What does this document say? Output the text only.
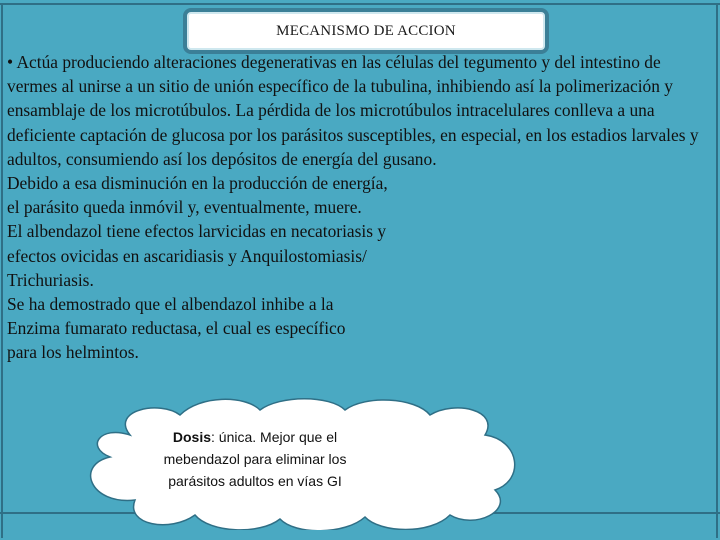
MECANISMO DE ACCION

• Actúa produciendo alteraciones degenerativas en las células del tegumento y del intestino de vermes al unirse a un sitio de unión específico de la tubulina, inhibiendo así la polimerización y ensamblaje de los microtúbulos. La pérdida de los microtúbulos intracelulares conlleva a una deficiente captación de glucosa por los parásitos susceptibles, en especial, en los estadios larvales y adultos, consumiendo así los depósitos de energía del gusano.

Debido a esa disminución en la producción de energía,

el parásito queda inmóvil y, eventualmente, muere.

El albendazol tiene efectos larvicidas en necatoriasis y

efectos ovicidas en ascaridiasis y Anquilostomiasis/

Trichuriasis.

Se ha demostrado que el albendazol inhibe a la

Enzima fumarato reductasa, el cual es específico

para los helmintos.

Dosis: única. Mejor que el mebendazol para eliminar los parásitos adultos en vías GI
